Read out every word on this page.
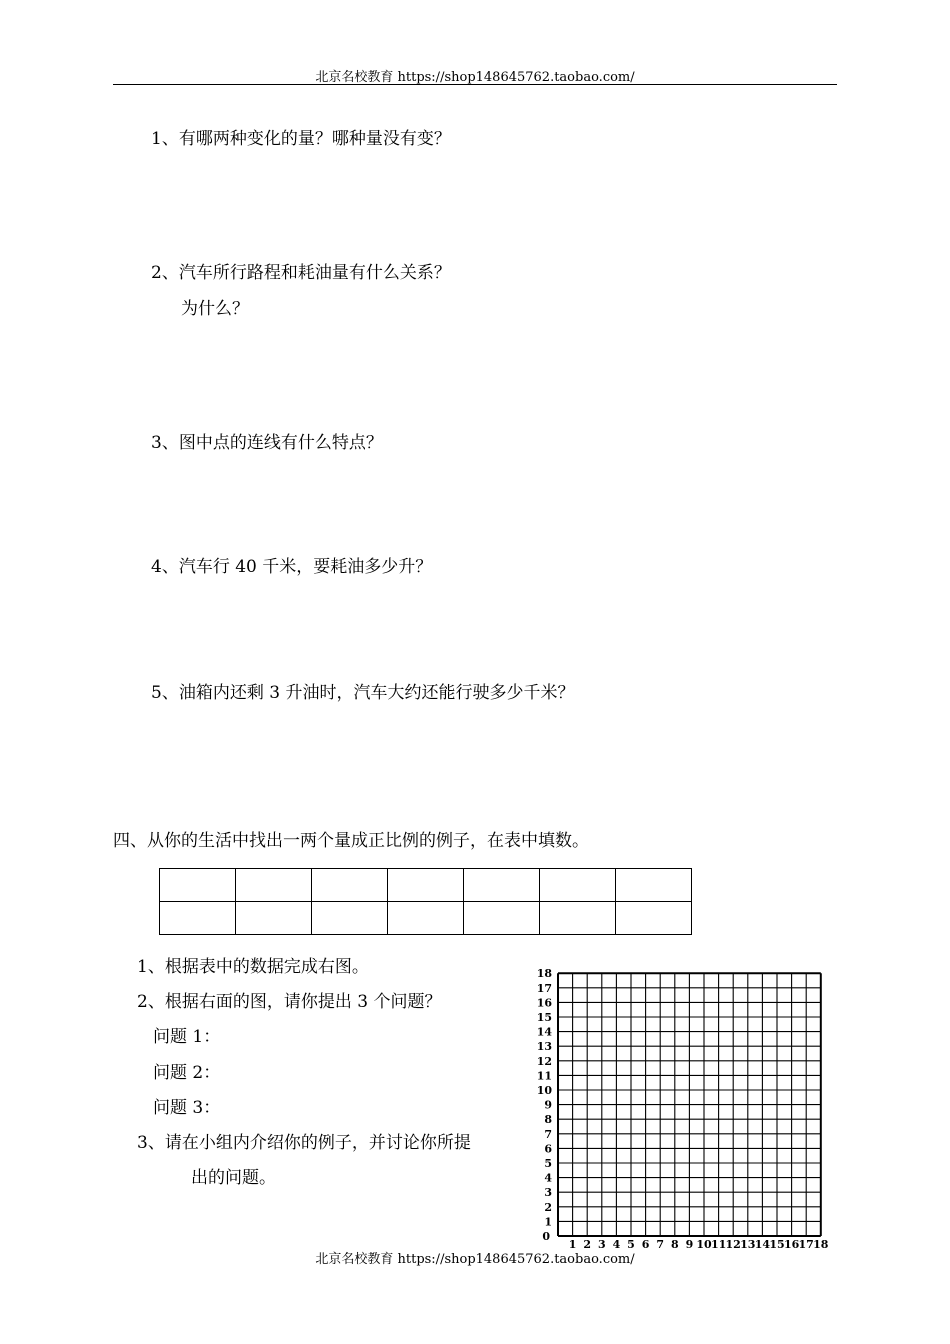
北京名校教育 https://shop148645762.taobao.com/
1、有哪两种变化的量？哪种量没有变？
2、汽车所行路程和耗油量有什么关系？
为什么？
3、图中点的连线有什么特点？
4、汽车行 40 千米，要耗油多少升？
5、油箱内还剩 3 升油时，汽车大约还能行驶多少千米？
四、从你的生活中找出一两个量成正比例的例子，在表中填数。

1、根据表中的数据完成右图。
2、根据右面的图，请你提出 3 个问题？
问题 1：
问题 2：
问题 3：
3、请在小组内介绍你的例子，并讨论你所提
出的问题。
0
1
2
3
4
5
6
7
8
9
10
11
12
13
14
15
16
17
18
1 2 3 4 5 6 7 8 9 10 11 12 13 14 15 16 17 18
北京名校教育 https://shop148645762.taobao.com/
